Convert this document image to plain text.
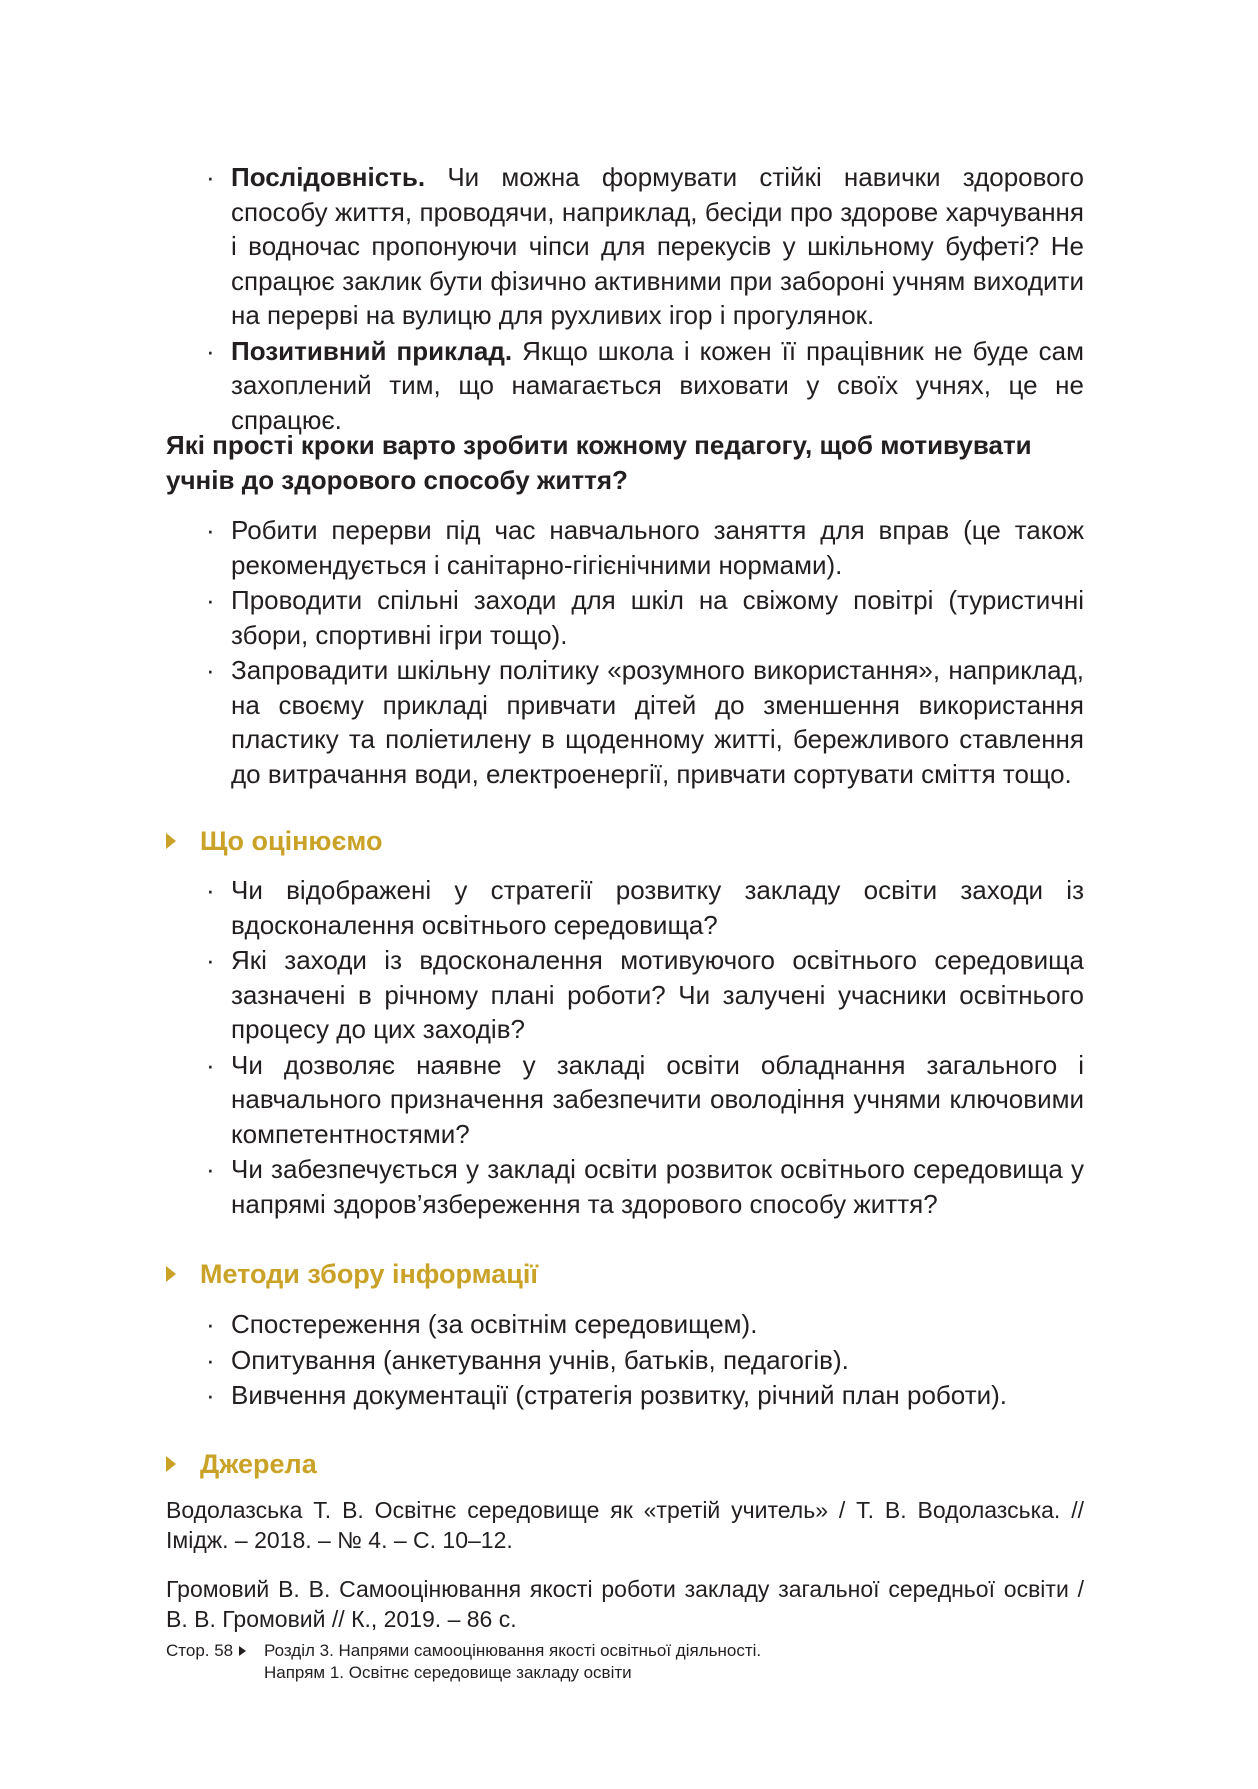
· Послідовність. Чи можна формувати стійкі навички здорового способу життя, проводячи, наприклад, бесіди про здорове харчування і водночас пропонуючи чіпси для перекусів у шкільному буфеті? Не спрацює заклик бути фізично активними при забороні учням виходити на перерві на вулицю для рухливих ігор і прогулянок.
· Позитивний приклад. Якщо школа і кожен її працівник не буде сам захоплений тим, що намагається виховати у своїх учнях, це не спрацює.
Які прості кроки варто зробити кожному педагогу, щоб мотивувати учнів до здорового способу життя?
· Робити перерви під час навчального заняття для вправ (це також рекомендується і санітарно-гігієнічними нормами).
· Проводити спільні заходи для шкіл на свіжому повітрі (туристичні збори, спортивні ігри тощо).
· Запровадити шкільну політику «розумного використання», наприклад, на своєму прикладі привчати дітей до зменшення використання пластику та поліетилену в щоденному житті, бережливого ставлення до витрачання води, електроенергії, привчати сортувати сміття тощо.
Що оцінюємо
· Чи відображені у стратегії розвитку закладу освіти заходи із вдосконалення освітнього середовища?
· Які заходи із вдосконалення мотивуючого освітнього середовища зазначені в річному плані роботи? Чи залучені учасники освітнього процесу до цих заходів?
· Чи дозволяє наявне у закладі освіти обладнання загального і навчального призначення забезпечити оволодіння учнями ключовими компетентностями?
· Чи забезпечується у закладі освіти розвиток освітнього середовища у напрямі здоров’язбереження та здорового способу життя?
Методи збору інформації
· Спостереження (за освітнім середовищем).
· Опитування (анкетування учнів, батьків, педагогів).
· Вивчення документації (стратегія розвитку, річний план роботи).
Джерела
Водолазська Т. В. Освітнє середовище як «третій учитель» / Т. В. Водолазська. // Імідж. – 2018. – № 4. – С. 10–12.
Громовий В. В. Самооцінювання якості роботи закладу загальної середньої освіти / В. В. Громовий // К., 2019. – 86 с.
Стор. 58	Розділ 3. Напрями самооцінювання якості освітньої діяльності.
Напрям 1. Освітнє середовище закладу освіти
